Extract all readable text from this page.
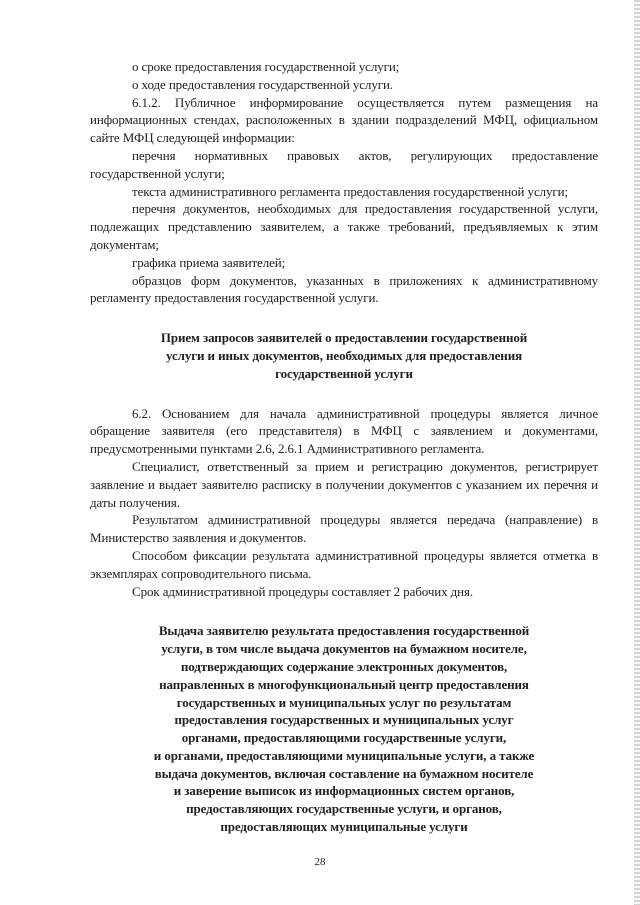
о сроке предоставления государственной услуги;

о ходе предоставления государственной услуги.

6.1.2. Публичное информирование осуществляется путем размещения на информационных стендах, расположенных в здании подразделений МФЦ, официальном сайте МФЦ следующей информации:

перечня нормативных правовых актов, регулирующих предоставление государственной услуги;

текста административного регламента предоставления государственной услуги;

перечня документов, необходимых для предоставления государственной услуги, подлежащих представлению заявителем, а также требований, предъявляемых к этим документам;

графика приема заявителей;

образцов форм документов, указанных в приложениях к административному регламенту предоставления государственной услуги.

Прием запросов заявителей о предоставлении государственной
услуги и иных документов, необходимых для предоставления
государственной услуги

6.2. Основанием для начала административной процедуры является личное обращение заявителя (его представителя) в МФЦ с заявлением и документами, предусмотренными пунктами 2.6, 2.6.1 Административного регламента.

Специалист, ответственный за прием и регистрацию документов, регистрирует заявление и выдает заявителю расписку в получении документов с указанием их перечня и даты получения.

Результатом административной процедуры является передача (направление) в Министерство заявления и документов.

Способом фиксации результата административной процедуры является отметка в экземплярах сопроводительного письма.

Срок административной процедуры составляет 2 рабочих дня.

Выдача заявителю результата предоставления государственной
услуги, в том числе выдача документов на бумажном носителе,
подтверждающих содержание электронных документов,
направленных в многофункциональный центр предоставления
государственных и муниципальных услуг по результатам
предоставления государственных и муниципальных услуг
органами, предоставляющими государственные услуги,
и органами, предоставляющими муниципальные услуги, а также
выдача документов, включая составление на бумажном носителе
и заверение выписок из информационных систем органов,
предоставляющих государственные услуги, и органов,
предоставляющих муниципальные услуги
28
